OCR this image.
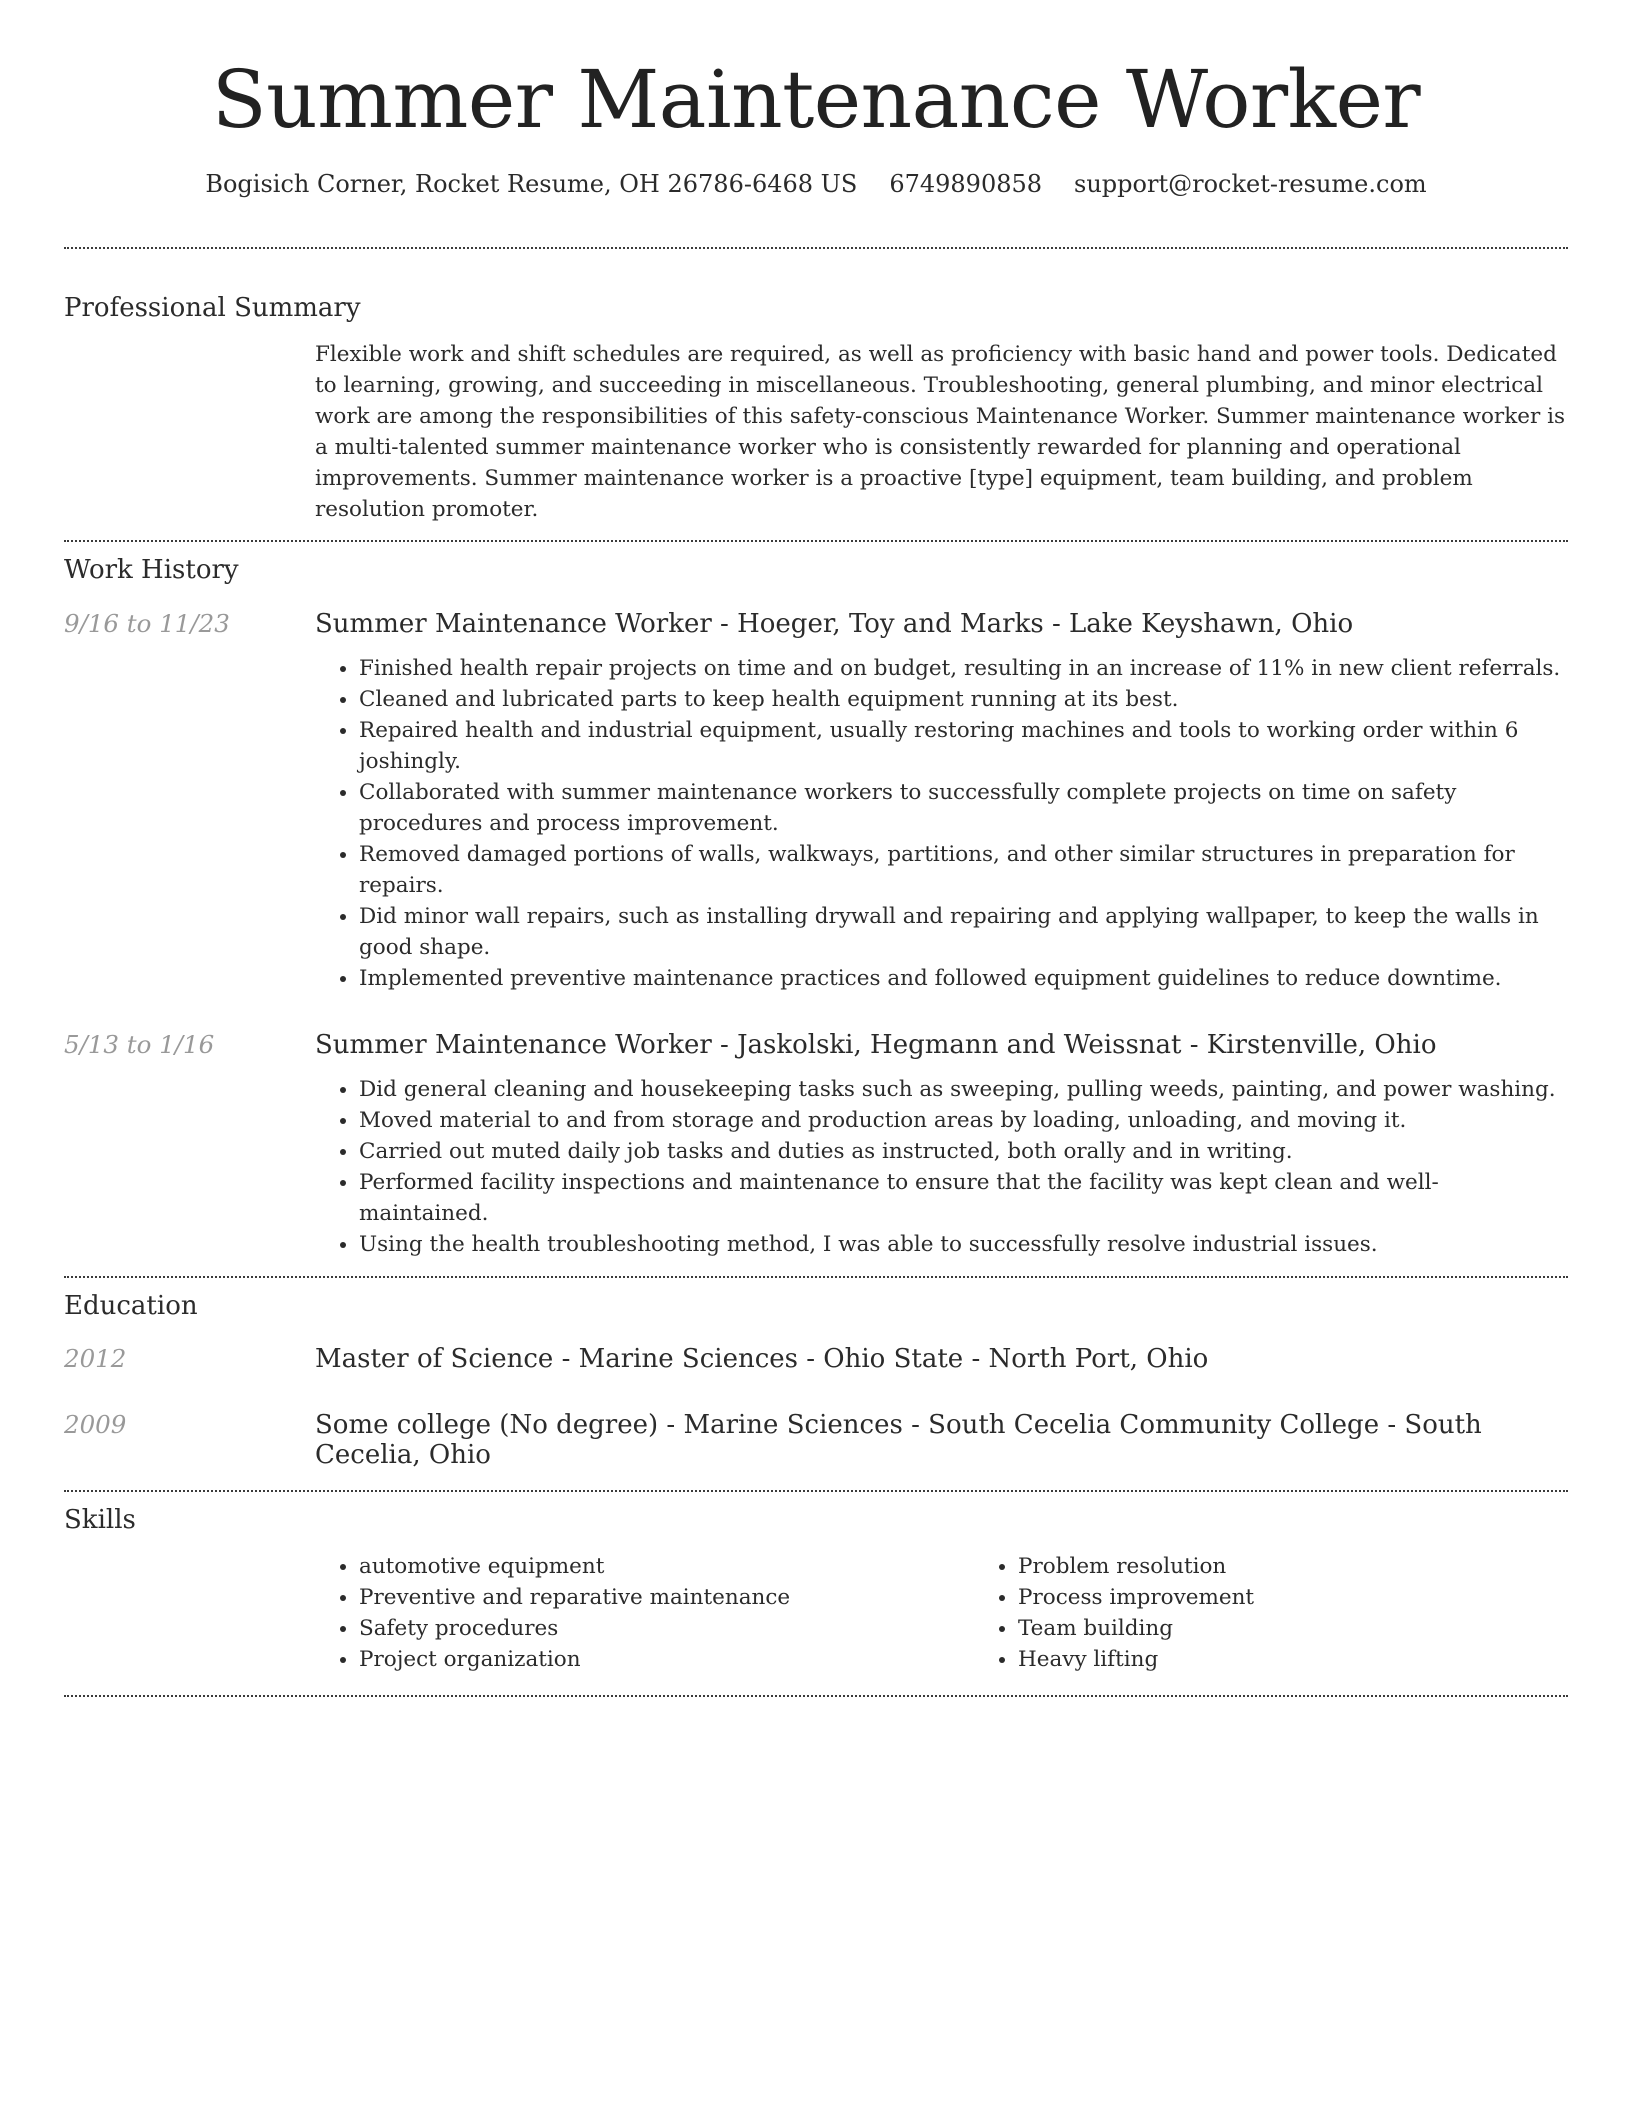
Summer Maintenance Worker
Bogisich Corner, Rocket Resume, OH 26786-6468 US 6749890858 support@rocket-resume.com
Professional Summary
Flexible work and shift schedules are required, as well as proficiency with basic hand and power tools. Dedicated to learning, growing, and succeeding in miscellaneous. Troubleshooting, general plumbing, and minor electrical work are among the responsibilities of this safety-conscious Maintenance Worker. Summer maintenance worker is a multi-talented summer maintenance worker who is consistently rewarded for planning and operational improvements. Summer maintenance worker is a proactive [type] equipment, team building, and problem resolution promoter.
Work History
9/16 to 11/23	Summer Maintenance Worker - Hoeger, Toy and Marks - Lake Keyshawn, Ohio
• Finished health repair projects on time and on budget, resulting in an increase of 11% in new client referrals.
• Cleaned and lubricated parts to keep health equipment running at its best.
• Repaired health and industrial equipment, usually restoring machines and tools to working order within 6 joshingly.
• Collaborated with summer maintenance workers to successfully complete projects on time on safety procedures and process improvement.
• Removed damaged portions of walls, walkways, partitions, and other similar structures in preparation for repairs.
• Did minor wall repairs, such as installing drywall and repairing and applying wallpaper, to keep the walls in good shape.
• Implemented preventive maintenance practices and followed equipment guidelines to reduce downtime.
5/13 to 1/16	Summer Maintenance Worker - Jaskolski, Hegmann and Weissnat - Kirstenville, Ohio
• Did general cleaning and housekeeping tasks such as sweeping, pulling weeds, painting, and power washing.
• Moved material to and from storage and production areas by loading, unloading, and moving it.
• Carried out muted daily job tasks and duties as instructed, both orally and in writing.
• Performed facility inspections and maintenance to ensure that the facility was kept clean and well-maintained.
• Using the health troubleshooting method, I was able to successfully resolve industrial issues.
Education
2012	Master of Science - Marine Sciences - Ohio State - North Port, Ohio
2009	Some college (No degree) - Marine Sciences - South Cecelia Community College - South Cecelia, Ohio
Skills
• automotive equipment
• Preventive and reparative maintenance
• Safety procedures
• Project organization
• Problem resolution
• Process improvement
• Team building
• Heavy lifting
